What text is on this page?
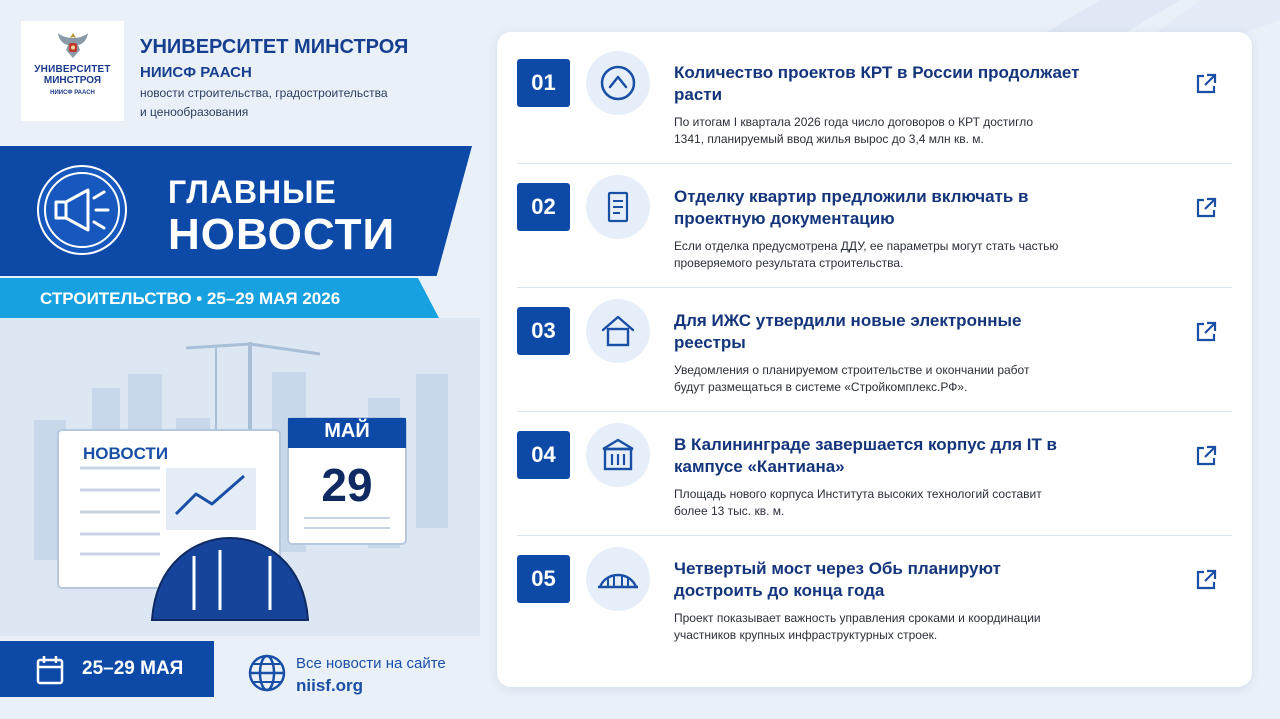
УНИВЕРСИТЕТ
МИНСТРОЯ
НИИСФ РААСН
УНИВЕРСИТЕТ МИНСТРОЯ
НИИСФ РААСН
новости строительства, градостроительства
и ценообразования
ГЛАВНЫЕ
НОВОСТИ
СТРОИТЕЛЬСТВО • 25–29 МАЯ 2026
НОВОСТИ
МАЙ
29
25–29 МАЯ	Все новости на сайте
niisf.org
01	Количество проектов КРТ в России продолжает расти
По итогам I квартала 2026 года число договоров о КРТ достигло
1341, планируемый ввод жилья вырос до 3,4 млн кв. м.
02	Отделку квартир предложили включать в проектную документацию
Если отделка предусмотрена ДДУ, ее параметры могут стать частью
проверяемого результата строительства.
03	Для ИЖС утвердили новые электронные реестры
Уведомления о планируемом строительстве и окончании работ
будут размещаться в системе «Стройкомплекс.РФ».
04	В Калининграде завершается корпус для IT в кампусе «Кантиана»
Площадь нового корпуса Института высоких технологий составит
более 13 тыс. кв. м.
05	Четвертый мост через Обь планируют достроить до конца года
Проект показывает важность управления сроками и координации
участников крупных инфраструктурных строек.
